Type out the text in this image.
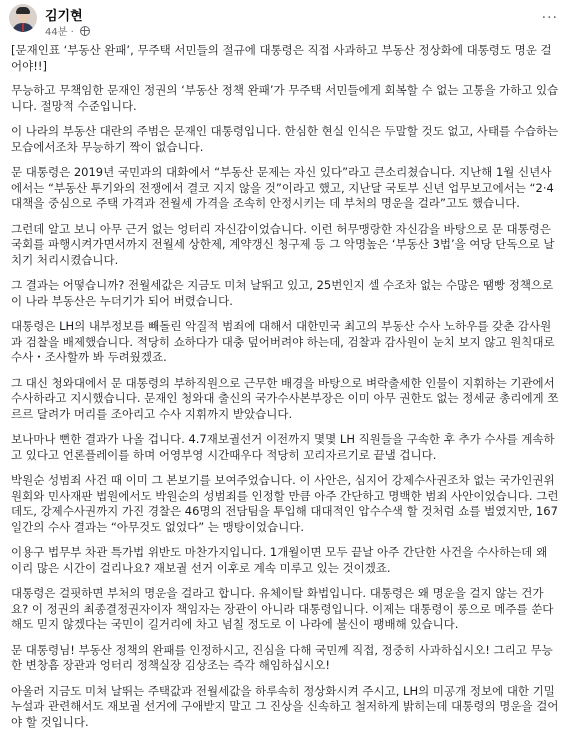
김기현
44분 ·
···

[문재인표 ‘부동산 완패’, 무주택 서민들의 절규에 대통령은 직접 사과하고 부동산 정상화에 대통령도 명운 걸어야!!]

무능하고 무책임한 문재인 정권의 ‘부동산 정책 완패’가 무주택 서민들에게 회복할 수 없는 고통을 가하고 있습니다. 절망적 수준입니다.

이 나라의 부동산 대란의 주범은 문재인 대통령입니다. 한심한 현실 인식은 두말할 것도 없고, 사태를 수습하는 모습에서조차 무능하기 짝이 없습니다.

문 대통령은 2019년 국민과의 대화에서 “부동산 문제는 자신 있다”라고 큰소리쳤습니다. 지난해 1월 신년사에서는 “부동산 투기와의 전쟁에서 결코 지지 않을 것”이라고 했고, 지난달 국토부 신년 업무보고에서는 “2·4 대책을 중심으로 주택 가격과 전월세 가격을 조속히 안정시키는 데 부처의 명운을 걸라”고도 했습니다.

그런데 알고 보니 아무 근거 없는 엉터리 자신감이었습니다. 이런 허무맹랑한 자신감을 바탕으로 문 대통령은 국회를 파행시켜가면서까지 전월세 상한제, 계약갱신 청구제 등 그 악명높은 ‘부동산 3법’을 여당 단독으로 날치기 처리시켰습니다.

그 결과는 어떻습니까? 전월세값은 지금도 미쳐 날뛰고 있고, 25번인지 셀 수조차 없는 수많은 땜빵 정책으로 이 나라 부동산은 누더기가 되어 버렸습니다.

대통령은 LH의 내부정보를 빼돌린 악질적 범죄에 대해서 대한민국 최고의 부동산 수사 노하우를 갖춘 감사원과 검찰을 배제했습니다. 적당히 쇼하다가 대충 덮어버려야 하는데, 검찰과 감사원이 눈치 보지 않고 원칙대로 수사・조사할까 봐 두려웠겠죠.

그 대신 청와대에서 문 대통령의 부하직원으로 근무한 배경을 바탕으로 벼락출세한 인물이 지휘하는 기관에서 수사하라고 지시했습니다. 문재인 청와대 출신의 국가수사본부장은 이미 아무 권한도 없는 정세균 총리에게 쪼르르 달려가 머리를 조아리고 수사 지휘까지 받았습니다.

보나마나 뻔한 결과가 나올 겁니다. 4.7재보궐선거 이전까지 몇몇 LH 직원들을 구속한 후 추가 수사를 계속하고 있다고 언론플레이를 하며 어영부영 시간때우다 적당히 꼬리자르기로 끝낼 겁니다.

박원순 성범죄 사건 때 이미 그 본보기를 보여주었습니다. 이 사안은, 심지어 강제수사권조차 없는 국가인권위원회와 민사재판 법원에서도 박원순의 성범죄를 인정할 만큼 아주 간단하고 명백한 범죄 사안이었습니다. 그런데도, 강제수사권까지 가진 경찰은 46명의 전담팀을 투입해 대대적인 압수수색 할 것처럼 쇼를 벌였지만, 167일간의 수사 결과는 “아무것도 없었다” 는 맹탕이었습니다.

이용구 법무부 차관 특가법 위반도 마찬가지입니다. 1개월이면 모두 끝날 아주 간단한 사건을 수사하는데 왜 이리 많은 시간이 걸리나요? 재보궐 선거 이후로 계속 미루고 있는 것이겠죠.

대통령은 걸핏하면 부처의 명운을 걸라고 합니다. 유체이탈 화법입니다. 대통령은 왜 명운을 걸지 않는 건가요? 이 정권의 최종결정권자이자 책임자는 장관이 아니라 대통령입니다. 이제는 대통령이 롱으로 메주를 쑨다 해도 믿지 않겠다는 국민이 길거리에 차고 넘칠 정도로 이 나라에 불신이 팽배해 있습니다.

문 대통령님! 부동산 정책의 완패를 인정하시고, 진심을 다해 국민께 직접, 정중히 사과하십시오! 그리고 무능한 변창흠 장관과 엉터리 정책실장 김상조는 즉각 해임하십시오!

아울러 지금도 미쳐 날뛰는 주택값과 전월세값을 하루속히 정상화시켜 주시고, LH의 미공개 정보에 대한 기밀누설과 관련해서도 재보궐 선거에 구애받지 말고 그 진상을 신속하고 철저하게 밝히는데 대통령의 명운을 걸어야 할 것입니다.
